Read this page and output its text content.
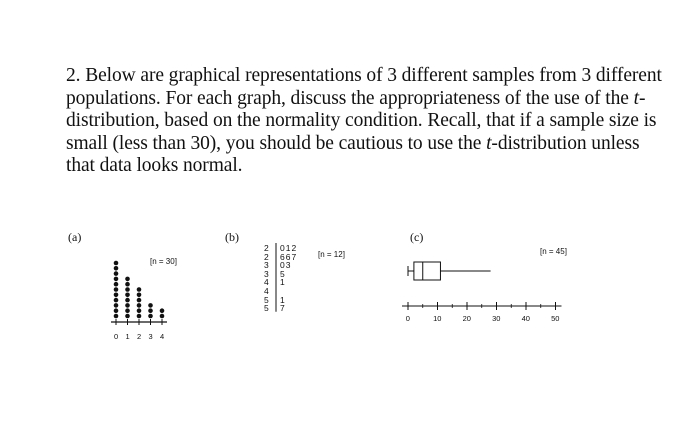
2. Below are graphical representations of 3 different samples from 3 different populations. For each graph, discuss the appropriateness of the use of the t-distribution, based on the normality condition. Recall, that if a sample size is small (less than 30), you should be cautious to use the t-distribution unless that data looks normal.

(a)	(b)	(c)
[n = 30]
[n = 12]	[n = 45]
2 012
2 667
3 03
3 5
4 1
4
5 1
5 7
0 1 2 3 4
0	10	20	30	40	50
